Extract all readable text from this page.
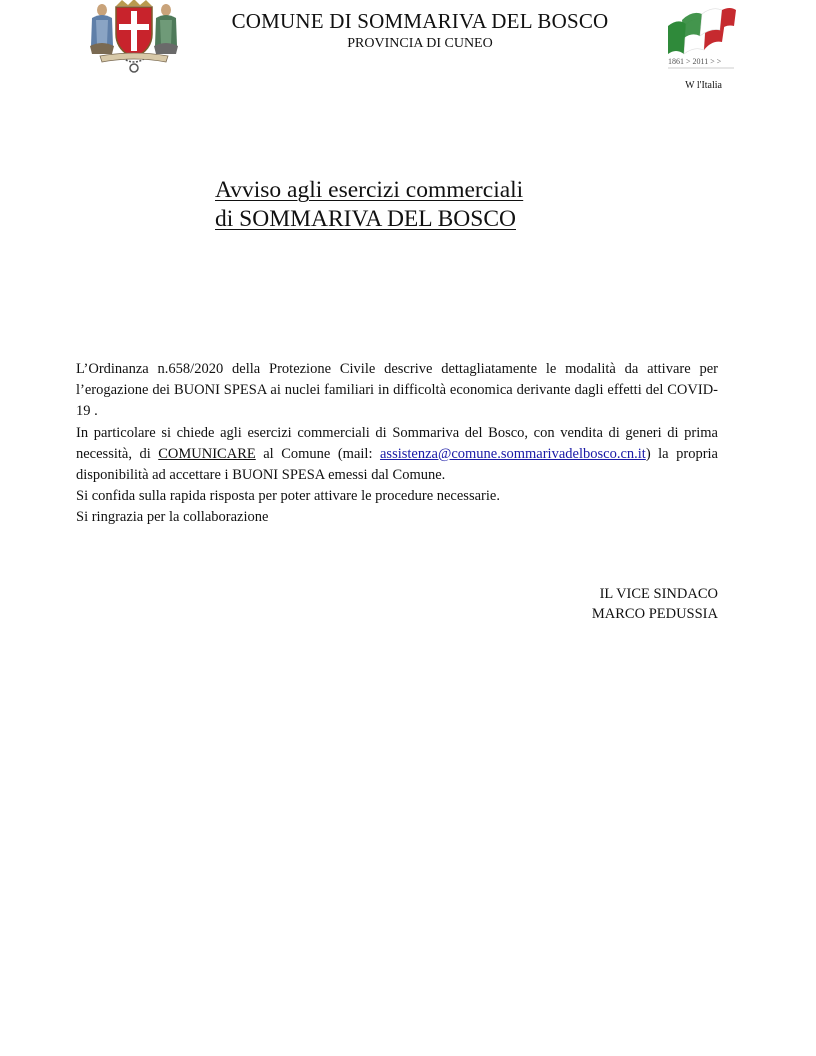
COMUNE DI SOMMARIVA DEL BOSCO
PROVINCIA DI CUNEO
1861 > 2011 > >
W l'Italia
Avviso agli esercizi commerciali
di SOMMARIVA DEL BOSCO

L’Ordinanza n.658/2020 della Protezione Civile descrive dettagliatamente le modalità da attivare per l’erogazione dei BUONI SPESA ai nuclei familiari in difficoltà economica derivante dagli effetti del COVID-19 .

In particolare si chiede agli esercizi commerciali di Sommariva del Bosco, con vendita di generi di prima necessità, di COMUNICARE al Comune (mail: assistenza@comune.sommarivadelbosco.cn.it) la propria disponibilità ad accettare i BUONI SPESA emessi dal Comune.

Si confida sulla rapida risposta per poter attivare le procedure necessarie.

Si ringrazia per la collaborazione

IL VICE SINDACO
MARCO PEDUSSIA
